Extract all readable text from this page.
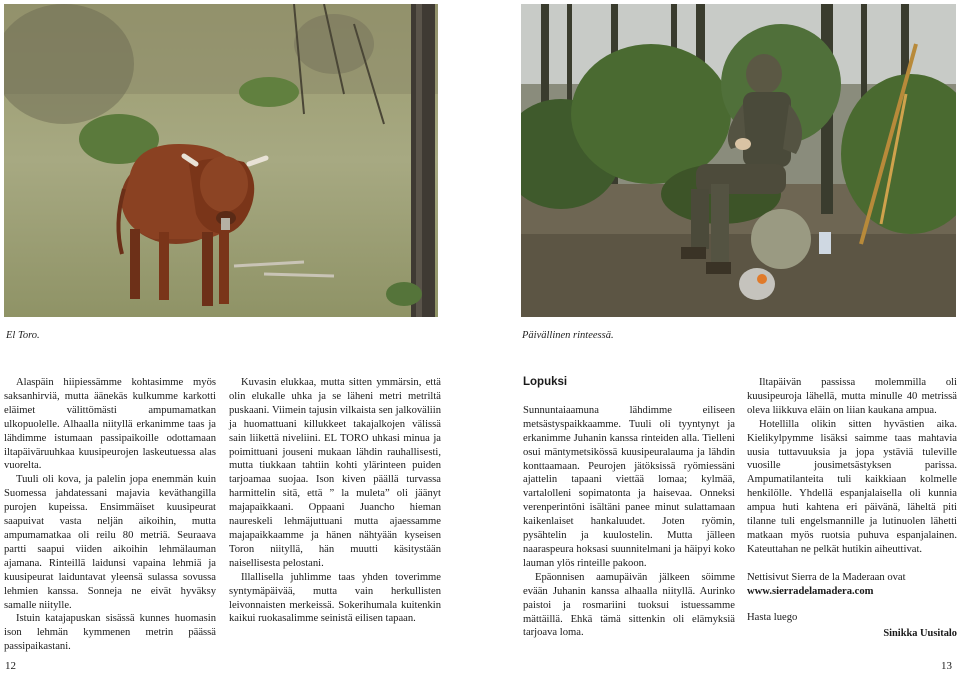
El Toro.	Päivällinen rinteessä.

Alaspäin hiipiessämme kohtasimme myös saksanhirviä, mutta äänekäs kulkumme karkotti eläimet välittömästi ampumamatkan ulkopuolelle. Alhaalla niityllä erkanimme taas ja lähdimme istumaan passipaikoille odottamaan iltapäiväruuhkaa kuusipeurojen laskeutuessa alas vuorelta.

Tuuli oli kova, ja palelin jopa enemmän kuin Suomessa jahdatessani majavia keväthangilla purojen kupeissa. Ensimmäiset kuusipeurat saapuivat vasta neljän aikoihin, mutta ampumamatkaa oli reilu 80 metriä. Seuraava partti saapui viiden aikoihin lehmälauman ajamana. Rinteillä laidunsi vapaina lehmiä ja kuusipeurat laiduntavat yleensä sulassa sovussa lehmien kanssa. Sonneja ne eivät hyväksy samalle niitylle.

Istuin katajapuskan sisässä kunnes huomasin ison lehmän kymmenen metrin päässä passipaikastani.

Kuvasin elukkaa, mutta sitten ymmärsin, että olin elukalle uhka ja se läheni metri metriltä puskaani. Viimein tajusin vilkaista sen jalkoväliin ja huomattuani killukkeet takajalkojen välissä sain liikettä niveliini. EL TORO uhkasi minua ja poimittuani jouseni mukaan lähdin rauhallisesti, mutta tiukkaan tahtiin kohti ylärinteen puiden tarjoamaa suojaa. Ison kiven päällä turvassa harmittelin sitä, että ” la muleta” oli jäänyt majapaikkaani. Oppaani Juancho hieman naureskeli lehmäjuttuani mutta ajaessamme majapaikkaamme ja hänen nähtyään kyseisen Toron niityllä, hän muutti käsitystään naisellisesta pelostani.

Illallisella juhlimme taas yhden toverimme syntymäpäivää, mutta vain herkullisten leivonnaisten merkeissä. Sokerihumala kuitenkin kaikui ruokasalimme seinistä eilisen tapaan.

Lopuksi

Sunnuntaiaamuna lähdimme eiliseen metsästyspaikkaamme. Tuuli oli tyyntynyt ja erkanimme Juhanin kanssa rinteiden alla. Tielleni osui mäntymetsikössä kuusipeuralauma ja lähdin konttaamaan. Peurojen jätöksissä ryömiessäni ajattelin tapaani viettää lomaa; kylmää, vartalolleni sopimatonta ja haisevaa. Onneksi verenperintöni isältäni panee minut sulattamaan kaikenlaiset hankaluudet. Joten ryömin, pysähtelin ja kuulostelin. Mutta jälleen naaraspeura hoksasi suunnitelmani ja häipyi koko lauman ylös rinteille pakoon.

Epäonnisen aamupäivän jälkeen söimme evään Juhanin kanssa alhaalla niityllä. Aurinko paistoi ja rosmariini tuoksui istuessamme mättäillä. Ehkä tämä sittenkin oli elämyksiä tarjoava loma.

Iltapäivän passissa molemmilla oli kuusipeuroja lähellä, mutta minulle 40 metrissä oleva liikkuva eläin on liian kaukana ampua.

Hotellilla olikin sitten hyvästien aika. Kielikylpymme lisäksi saimme taas mahtavia uusia tuttavuuksia ja jopa ystäviä tuleville vuosille jousimetsästyksen parissa. Ampumatilanteita tuli kaikkiaan kolmelle henkilölle. Yhdellä espanjalaisella oli kunnia ampua huti kahtena eri päivänä, läheltä piti tilanne tuli engelsmannille ja lutinuolen lähetti matkaan myös ruotsia puhuva espanjalainen. Kateuttahan ne pelkät hutikin aiheuttivat.

Nettisivut Sierra de la Maderaan ovat

www.sierradelamadera.com

Hasta luego

Sinikka Uusitalo
12	13
